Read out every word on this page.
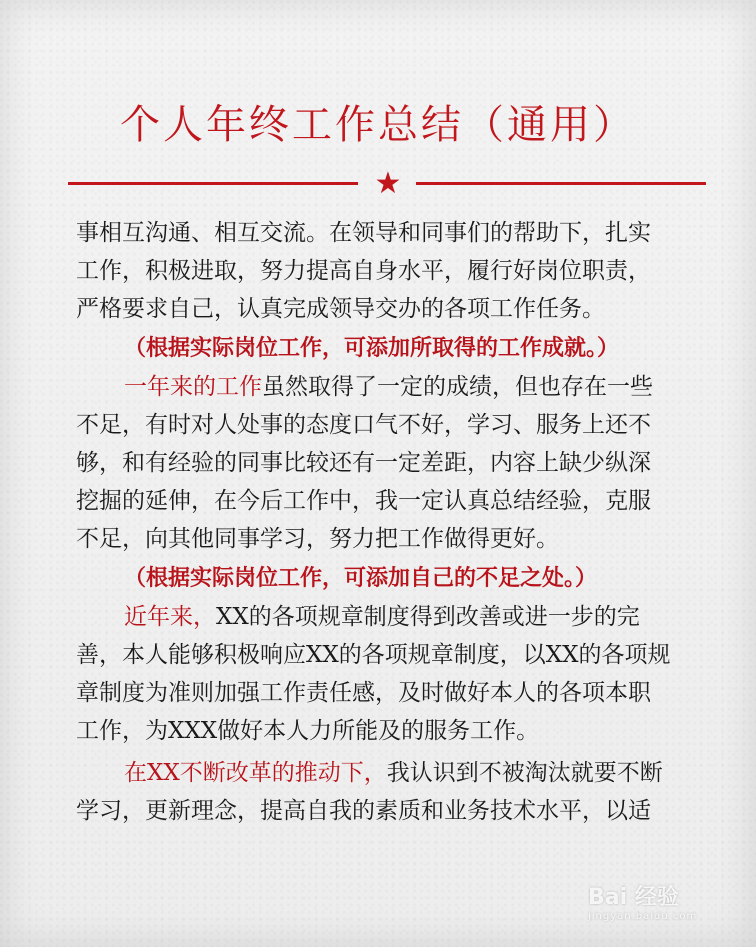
个人年终工作总结（通用）
★
事相互沟通、相互交流。在领导和同事们的帮助下，扎实
工作，积极进取，努力提高自身水平，履行好岗位职责，
严格要求自己，认真完成领导交办的各项工作任务。
（根据实际岗位工作，可添加所取得的工作成就。）
一年来的工作虽然取得了一定的成绩，但也存在一些
不足，有时对人处事的态度口气不好，学习、服务上还不
够，和有经验的同事比较还有一定差距，内容上缺少纵深
挖掘的延伸，在今后工作中，我一定认真总结经验，克服
不足，向其他同事学习，努力把工作做得更好。
（根据实际岗位工作，可添加自己的不足之处。）
近年来，XX的各项规章制度得到改善或进一步的完
善，本人能够积极响应XX的各项规章制度，以XX的各项规
章制度为准则加强工作责任感，及时做好本人的各项本职
工作，为XXX做好本人力所能及的服务工作。
在XX不断改革的推动下，我认识到不被淘汰就要不断
学习，更新理念，提高自我的素质和业务技术水平，以适
Bai 经验
jingyan.baidu.com
